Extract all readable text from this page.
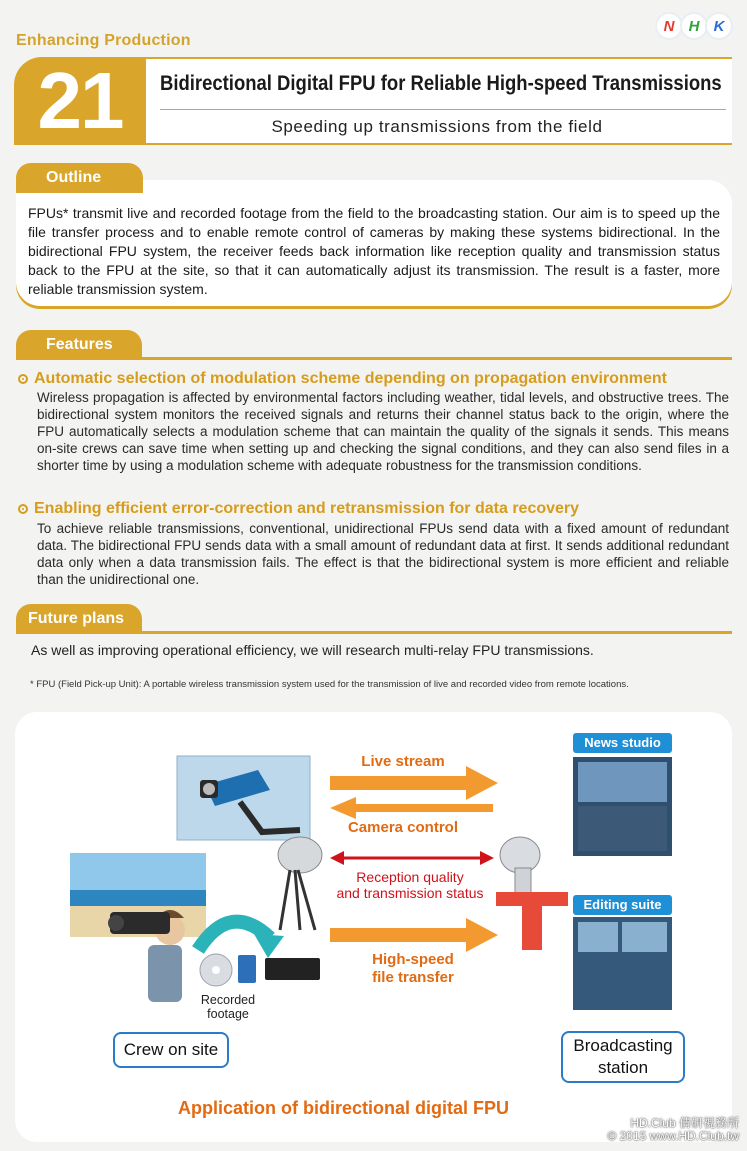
Enhancing Production
N H K
21	Bidirectional Digital FPU for Reliable High-speed Transmissions
Speeding up transmissions from the field
Outline
FPUs* transmit live and recorded footage from the field to the broadcasting station. Our aim is to speed up the file transfer process and to enable remote control of cameras by making these systems bidirectional. In the bidirectional FPU system, the receiver feeds back information like reception quality and transmission status back to the FPU at the site, so that it can automatically adjust its transmission. The result is a faster, more reliable transmission system.
Features
Automatic selection of modulation scheme depending on propagation environment
Wireless propagation is affected by environmental factors including weather, tidal levels, and obstructive trees. The bidirectional system monitors the received signals and returns their channel status back to the origin, where the FPU automatically selects a modulation scheme that can maintain the quality of the signals it sends. This means on-site crews can save time when setting up and checking the signal conditions, and they can also send files in a shorter time by using a modulation scheme with adequate robustness for the transmission conditions.
Enabling efficient error-correction and retransmission for data recovery
To achieve reliable transmissions, conventional, unidirectional FPUs send data with a fixed amount of redundant data. The bidirectional FPU sends data with a small amount of redundant data at first. It sends additional redundant data only when a data transmission fails. The effect is that the bidirectional system is more efficient and reliable than the unidirectional one.
Future plans
As well as improving operational efficiency, we will research multi-relay FPU transmissions.
* FPU (Field Pick-up Unit): A portable wireless transmission system used for the transmission of live and recorded video from remote locations.
Live stream
Camera control
Reception quality
and transmission status
High-speed
file transfer
Recorded
footage
News studio
Editing suite
Crew on site	Broadcasting
station
Application of bidirectional digital FPU
HD.Club 倩研視務所
© 2015 www.HD.Club.tw
